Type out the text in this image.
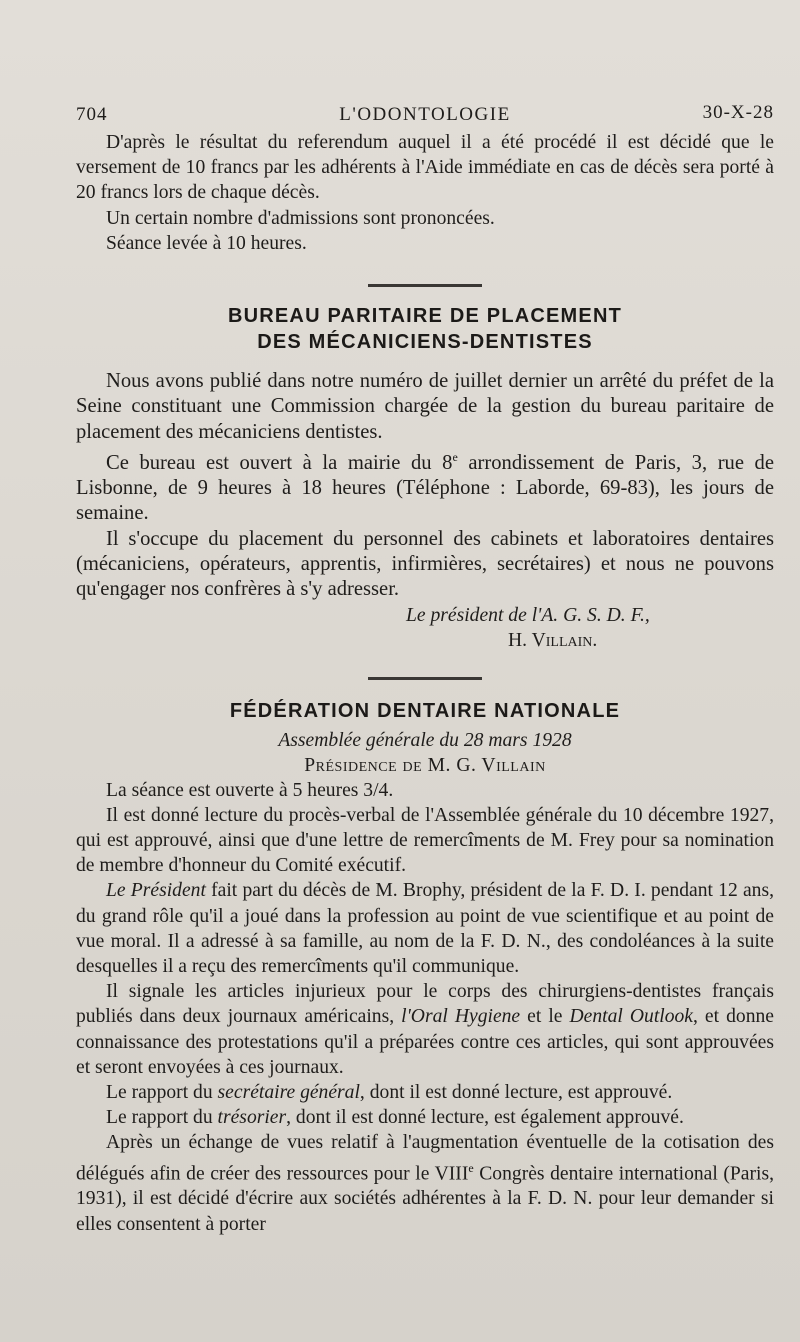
704	L'ODONTOLOGIE	30-X-28

D'après le résultat du referendum auquel il a été procédé il est décidé que le versement de 10 francs par les adhérents à l'Aide immédiate en cas de décès sera porté à 20 francs lors de chaque décès.

Un certain nombre d'admissions sont prononcées.

Séance levée à 10 heures.

BUREAU PARITAIRE DE PLACEMENT
DES MÉCANICIENS-DENTISTES

Nous avons publié dans notre numéro de juillet dernier un arrêté du préfet de la Seine constituant une Commission chargée de la gestion du bureau paritaire de placement des mécaniciens dentistes.

Ce bureau est ouvert à la mairie du 8e arrondissement de Paris, 3, rue de Lisbonne, de 9 heures à 18 heures (Téléphone : Laborde, 69-83), les jours de semaine.

Il s'occupe du placement du personnel des cabinets et laboratoires dentaires (mécaniciens, opérateurs, apprentis, infirmières, secrétaires) et nous ne pouvons qu'engager nos confrères à s'y adresser.

Le président de l'A. G. S. D. F.,
H. Villain.
FÉDÉRATION DENTAIRE NATIONALE
Assemblée générale du 28 mars 1928
Présidence de M. G. Villain

La séance est ouverte à 5 heures 3/4.

Il est donné lecture du procès-verbal de l'Assemblée générale du 10 décembre 1927, qui est approuvé, ainsi que d'une lettre de remercîments de M. Frey pour sa nomination de membre d'honneur du Comité exécutif.

Le Président fait part du décès de M. Brophy, président de la F. D. I. pendant 12 ans, du grand rôle qu'il a joué dans la profession au point de vue scientifique et au point de vue moral. Il a adressé à sa famille, au nom de la F. D. N., des condoléances à la suite desquelles il a reçu des remercîments qu'il communique.

Il signale les articles injurieux pour le corps des chirurgiens-dentistes français publiés dans deux journaux américains, l'Oral Hygiene et le Dental Outlook, et donne connaissance des protestations qu'il a préparées contre ces articles, qui sont approuvées et seront envoyées à ces journaux.

Le rapport du secrétaire général, dont il est donné lecture, est approuvé.

Le rapport du trésorier, dont il est donné lecture, est également approuvé.

Après un échange de vues relatif à l'augmentation éventuelle de la cotisation des délégués afin de créer des ressources pour le VIIIe Congrès dentaire international (Paris, 1931), il est décidé d'écrire aux sociétés adhérentes à la F. D. N. pour leur demander si elles consentent à porter
